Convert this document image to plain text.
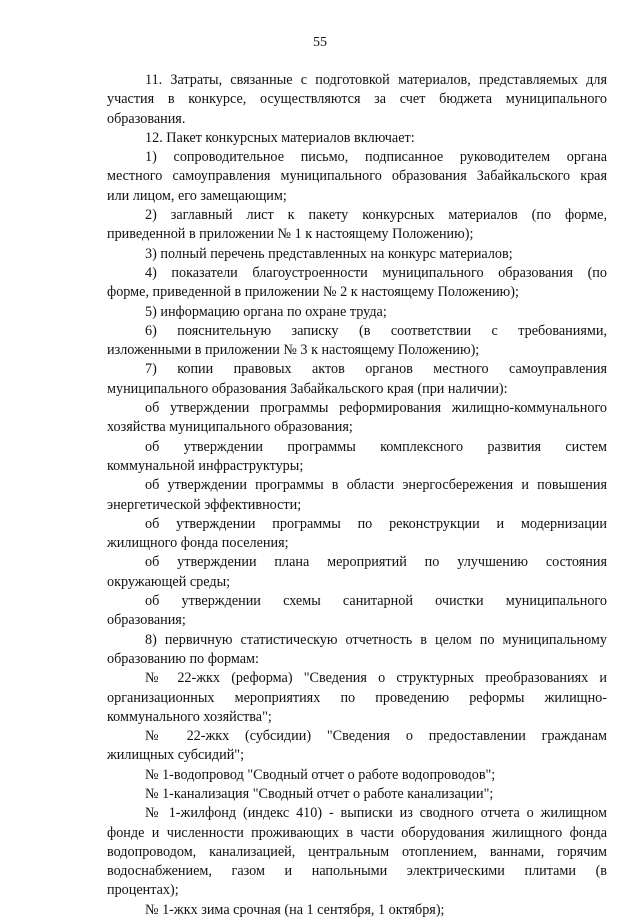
55
11. Затраты, связанные с подготовкой материалов, представляемых для
участия в конкурсе, осуществляются за счет бюджета муниципального
образования.
12. Пакет конкурсных материалов включает:
1) сопроводительное письмо, подписанное руководителем органа
местного самоуправления муниципального образования Забайкальского края
или лицом, его замещающим;
2) заглавный лист к пакету конкурсных материалов (по форме,
приведенной в приложении № 1 к настоящему Положению);
3) полный перечень представленных на конкурс материалов;
4) показатели благоустроенности муниципального образования (по
форме, приведенной в приложении № 2 к настоящему Положению);
5) информацию органа по охране труда;
6) пояснительную записку (в соответствии с требованиями,
изложенными в приложении № 3 к настоящему Положению);
7) копии правовых актов органов местного самоуправления
муниципального образования Забайкальского края (при наличии):
об утверждении программы реформирования жилищно-коммунального
хозяйства муниципального образования;
об утверждении программы комплексного развития систем
коммунальной инфраструктуры;
об утверждении программы в области энергосбережения и повышения
энергетической эффективности;
об утверждении программы по реконструкции и модернизации
жилищного фонда поселения;
об утверждении плана мероприятий по улучшению состояния
окружающей среды;
об утверждении схемы санитарной очистки муниципального
образования;
8) первичную статистическую отчетность в целом по муниципальному
образованию по формам:
№ 22-жкх (реформа) "Сведения о структурных преобразованиях и
организационных мероприятиях по проведению реформы жилищно-
коммунального хозяйства";
№ 22-жкх (субсидии) "Сведения о предоставлении гражданам
жилищных субсидий";
№ 1-водопровод "Сводный отчет о работе водопроводов";
№ 1-канализация "Сводный отчет о работе канализации";
№ 1-жилфонд (индекс 410) - выписки из сводного отчета о жилищном
фонде и численности проживающих в части оборудования жилищного фонда
водопроводом, канализацией, центральным отоплением, ваннами, горячим
водоснабжением, газом и напольными электрическими плитами (в
процентах);
№ 1-жкх зима срочная (на 1 сентября, 1 октября);
